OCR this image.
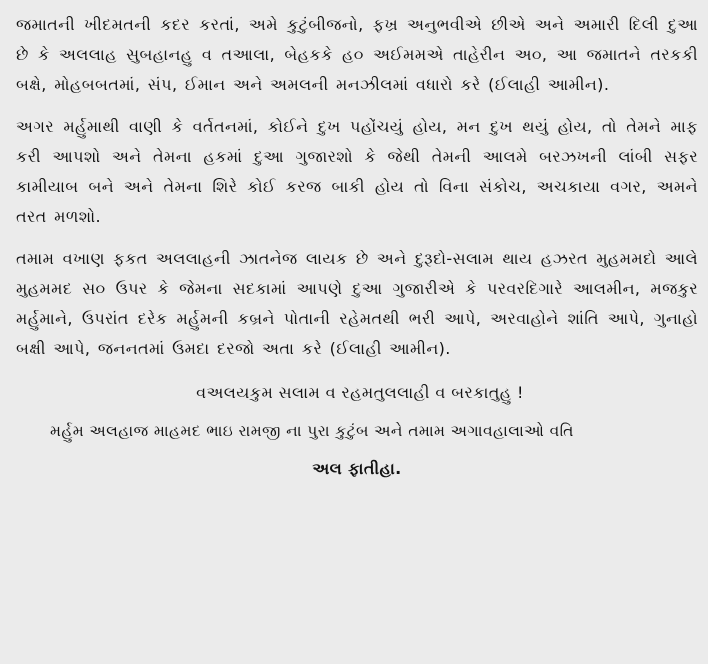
જમાતની ખીદમતની કદર કરતાં, અમે કુટુંબીજનો, ફખ્ર અનુભવીએ છીએ અને અમારી દિલી દુઆ છે કે અલલાહ સુબહાનહુ વ તઆલા, બેહકકે હ૦ અઈમમએ તાહેરીન અ૦, આ જમાતને તરકકી બક્ષે, મોહબબતમાં, સંપ, ઈમાન અને અમલની મનઝીલમાં વધારો કરે (ઈલાહી આમીન).

અગર મર્હુમાથી વાણી કે વર્તતનમાં, કોઈને દુખ પહોંચયું હોય, મન દુખ થયું હોય, તો તેમને માફ કરી આપશો અને તેમના હકમાં દુઆ ગુજારશો કે જેથી તેમની આલમે બરઝખની લાંબી સફર કામીયાબ બને અને તેમના શિરે કોઈ કરજ બાકી હોય તો વિના સંકોચ, અચકાયા વગર, અમને તરત મળશો.

તમામ વખાણ ફકત અલલાહની ઝાતનેજ લાયક છે અને દુરૂદો-સલામ થાય હઝરત મુહમમદો આલે મુહમમદ સ૦ ઉપર કે જેમના સદકામાં આપણે દુઆ ગુજારીએ કે પરવરદિગારે આલમીન, મજકુર મર્હુમાને, ઉપરાંત દરેક મર્હુમની કબ્રને પોતાની રહેમતથી ભરી આપે, અરવાહોને શાંતિ આપે, ગુનાહો બક્ષી આપે, જનનતમાં ઉમદા દરજો અતા કરે (ઈલાહી આમીન).

વઅલયકુમ સલામ વ રહમતુલલાહી વ બરકાતુહુ !

મર્હુમ અલહાજ માહમદ ભાઇ રામજી ના પુરા કુટુંબ અને તમામ અગાવહાલાઓ વતિ

અલ ફાતીહા.
